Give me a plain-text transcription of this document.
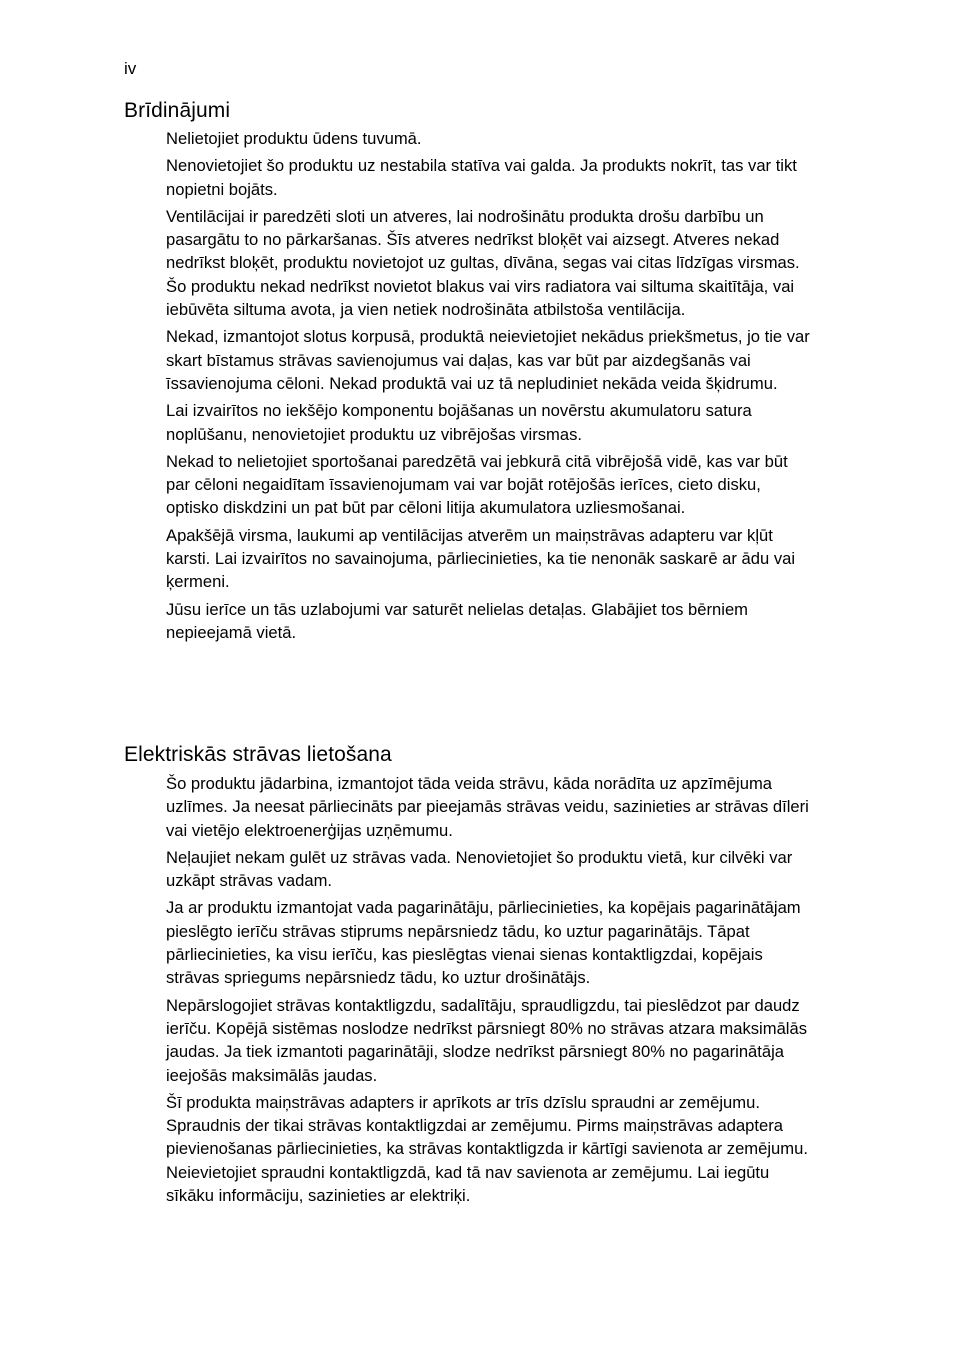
iv
Brīdinājumi

Nelietojiet produktu ūdens tuvumā.

Nenovietojiet šo produktu uz nestabila statīva vai galda. Ja produkts nokrīt, tas var tikt nopietni bojāts.

Ventilācijai ir paredzēti sloti un atveres, lai nodrošinātu produkta drošu darbību un pasargātu to no pārkaršanas. Šīs atveres nedrīkst bloķēt vai aizsegt. Atveres nekad nedrīkst bloķēt, produktu novietojot uz gultas, dīvāna, segas vai citas līdzīgas virsmas. Šo produktu nekad nedrīkst novietot blakus vai virs radiatora vai siltuma skaitītāja, vai iebūvēta siltuma avota, ja vien netiek nodrošināta atbilstoša ventilācija.

Nekad, izmantojot slotus korpusā, produktā neievietojiet nekādus priekšmetus, jo tie var skart bīstamus strāvas savienojumus vai daļas, kas var būt par aizdegšanās vai īssavienojuma cēloni. Nekad produktā vai uz tā nepludiniet nekāda veida šķidrumu.

Lai izvairītos no iekšējo komponentu bojāšanas un novērstu akumulatoru satura noplūšanu, nenovietojiet produktu uz vibrējošas virsmas.

Nekad to nelietojiet sportošanai paredzētā vai jebkurā citā vibrējošā vidē, kas var būt par cēloni negaidītam īssavienojumam vai var bojāt rotējošās ierīces, cieto disku, optisko diskdzini un pat būt par cēloni litija akumulatora uzliesmošanai.

Apakšējā virsma, laukumi ap ventilācijas atverēm un maiņstrāvas adapteru var kļūt karsti. Lai izvairītos no savainojuma, pārliecinieties, ka tie nenonāk saskarē ar ādu vai ķermeni.

Jūsu ierīce un tās uzlabojumi var saturēt nelielas detaļas. Glabājiet tos bērniem nepieejamā vietā.

Elektriskās strāvas lietošana

Šo produktu jādarbina, izmantojot tāda veida strāvu, kāda norādīta uz apzīmējuma uzlīmes. Ja neesat pārliecināts par pieejamās strāvas veidu, sazinieties ar strāvas dīleri vai vietējo elektroenerģijas uzņēmumu.

Neļaujiet nekam gulēt uz strāvas vada. Nenovietojiet šo produktu vietā, kur cilvēki var uzkāpt strāvas vadam.

Ja ar produktu izmantojat vada pagarinātāju, pārliecinieties, ka kopējais pagarinātājam pieslēgto ierīču strāvas stiprums nepārsniedz tādu, ko uztur pagarinātājs. Tāpat pārliecinieties, ka visu ierīču, kas pieslēgtas vienai sienas kontaktligzdai, kopējais strāvas spriegums nepārsniedz tādu, ko uztur drošinātājs.

Nepārslogojiet strāvas kontaktligzdu, sadalītāju, spraudligzdu, tai pieslēdzot par daudz ierīču. Kopējā sistēmas noslodze nedrīkst pārsniegt 80% no strāvas atzara maksimālās jaudas. Ja tiek izmantoti pagarinātāji, slodze nedrīkst pārsniegt 80% no pagarinātāja ieejošās maksimālās jaudas.

Šī produkta maiņstrāvas adapters ir aprīkots ar trīs dzīslu spraudni ar zemējumu. Spraudnis der tikai strāvas kontaktligzdai ar zemējumu. Pirms maiņstrāvas adaptera pievienošanas pārliecinieties, ka strāvas kontaktligzda ir kārtīgi savienota ar zemējumu. Neievietojiet spraudni kontaktligzdā, kad tā nav savienota ar zemējumu. Lai iegūtu sīkāku informāciju, sazinieties ar elektriķi.
